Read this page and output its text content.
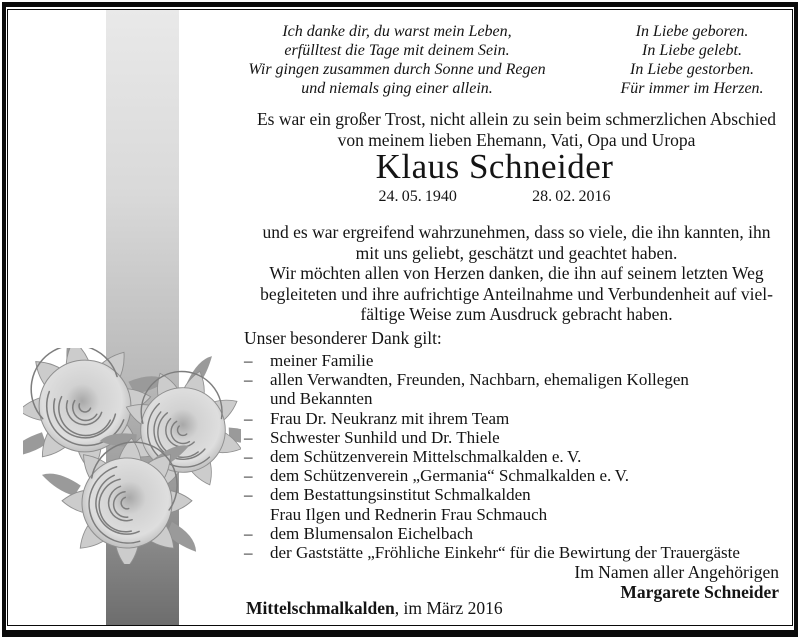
Ich danke dir, du warst mein Leben,
erfülltest die Tage mit deinem Sein.
Wir gingen zusammen durch Sonne und Regen
und niemals ging einer allein.
In Liebe geboren.
In Liebe gelebt.
In Liebe gestorben.
Für immer im Herzen.
Es war ein großer Trost, nicht allein zu sein beim schmerzlichen Abschied
von meinem lieben Ehemann, Vati, Opa und Uropa
Klaus Schneider
24. 05. 1940	28. 02. 2016
und es war ergreifend wahrzunehmen, dass so viele, die ihn kannten, ihn
mit uns geliebt, geschätzt und geachtet haben.
Wir möchten allen von Herzen danken, die ihn auf seinem letzten Weg
begleiteten und ihre aufrichtige Anteilnahme und Verbundenheit auf viel-
fältige Weise zum Ausdruck gebracht haben.
Unser besonderer Dank gilt:
–	meiner Familie
–	allen Verwandten, Freunden, Nachbarn, ehemaligen Kollegen
und Bekannten
–	Frau Dr. Neukranz mit ihrem Team
–	Schwester Sunhild und Dr. Thiele
–	dem Schützenverein Mittelschmalkalden e. V.
–	dem Schützenverein „Germania“ Schmalkalden e. V.
–	dem Bestattungsinstitut Schmalkalden
Frau Ilgen und Rednerin Frau Schmauch
–	dem Blumensalon Eichelbach
–	der Gaststätte „Fröhliche Einkehr“ für die Bewirtung der Trauergäste
Im Namen aller Angehörigen
Margarete Schneider
Mittelschmalkalden, im März 2016
